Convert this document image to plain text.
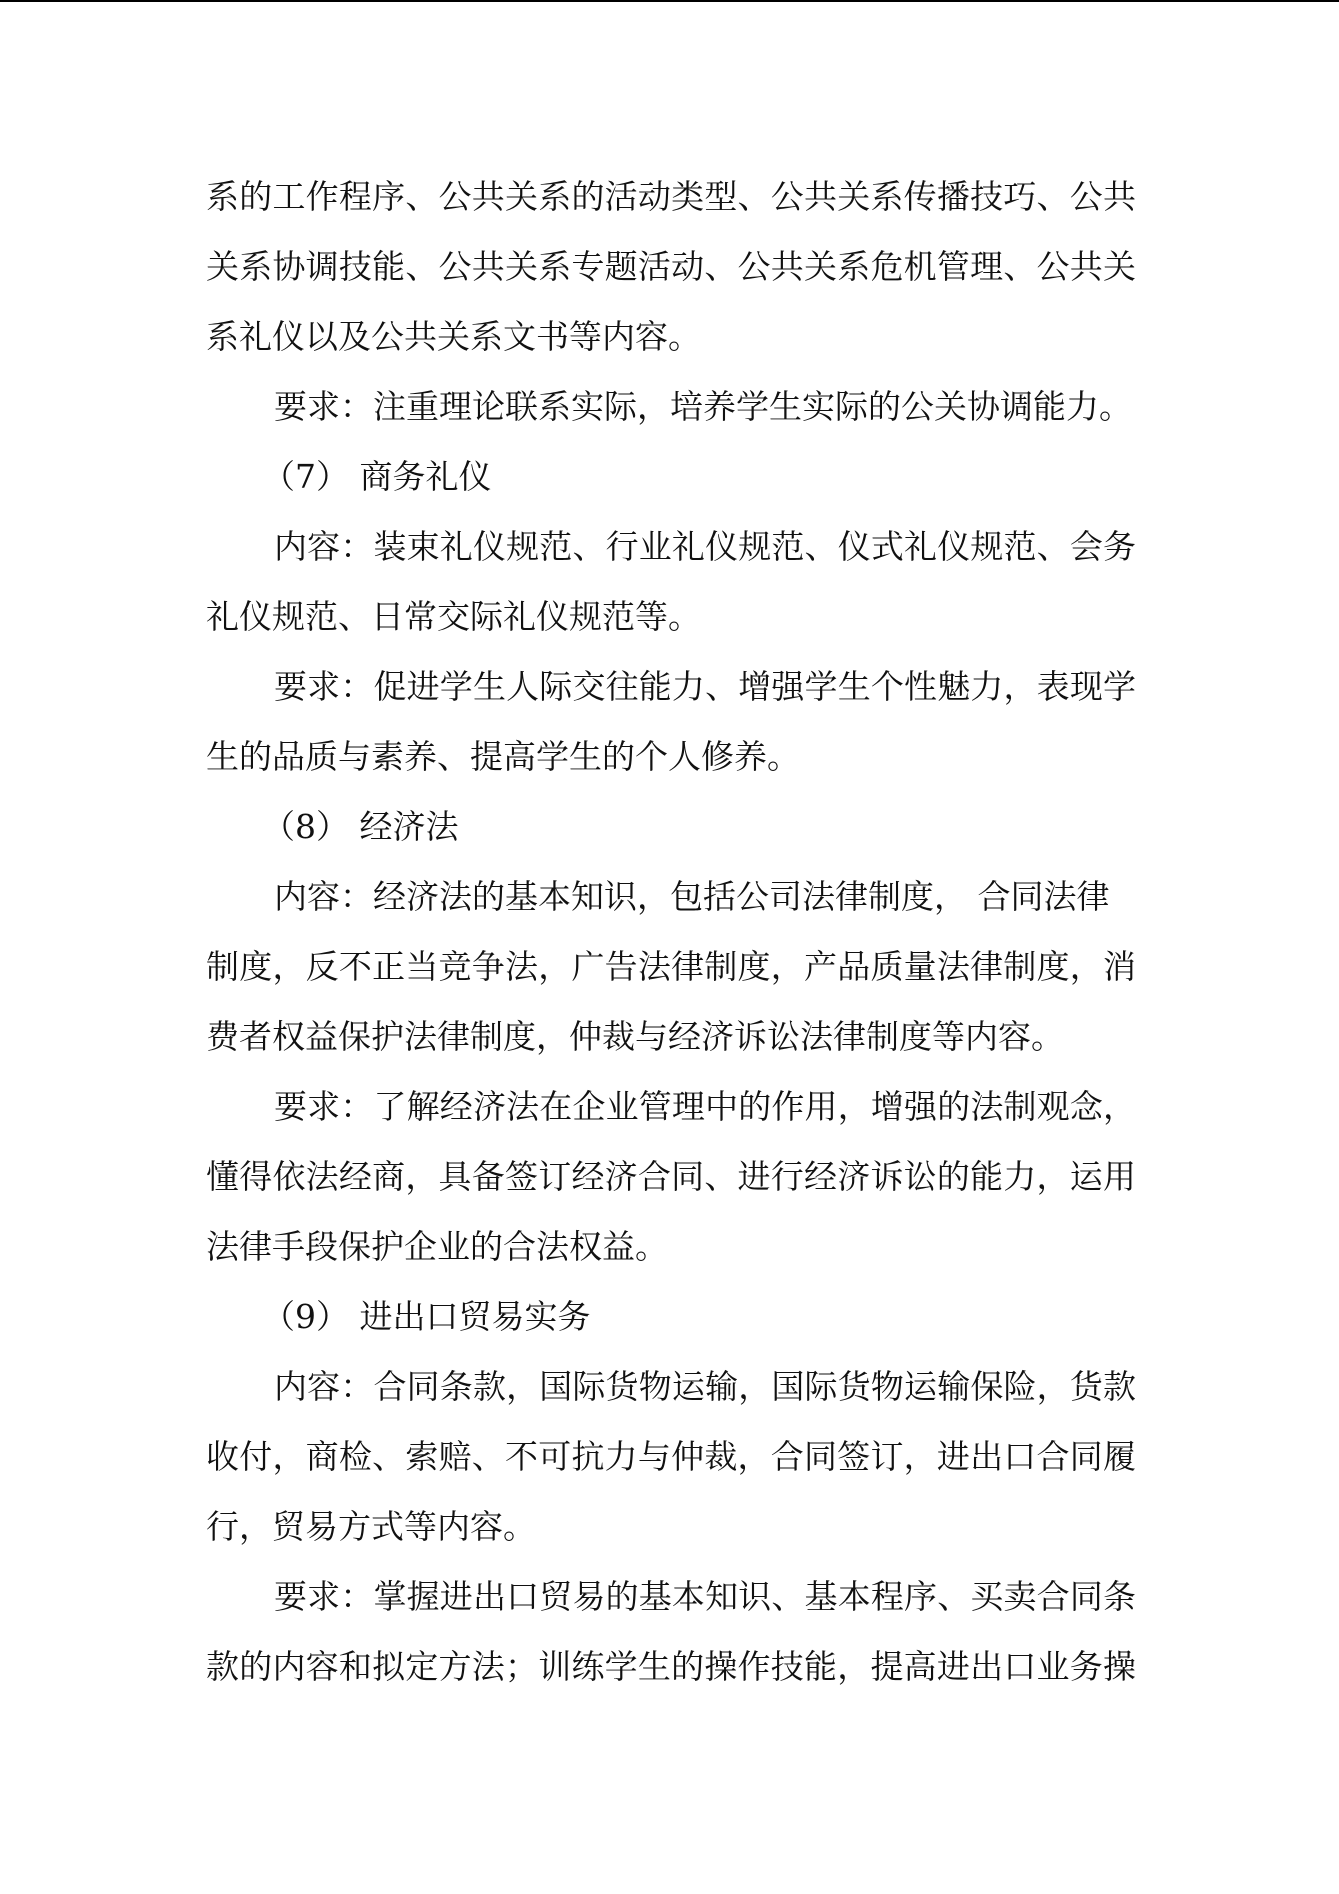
系的工作程序、公共关系的活动类型、公共关系传播技巧、公共
关系协调技能、公共关系专题活动、公共关系危机管理、公共关
系礼仪以及公共关系文书等内容。
要求：注重理论联系实际，培养学生实际的公关协调能力。
（7） 商务礼仪
内容：装束礼仪规范、行业礼仪规范、仪式礼仪规范、会务
礼仪规范、日常交际礼仪规范等。
要求：促进学生人际交往能力、增强学生个性魅力，表现学
生的品质与素养、提高学生的个人修养。
（8） 经济法
内容：经济法的基本知识，包括公司法律制度， 合同法律
制度，反不正当竞争法，广告法律制度，产品质量法律制度，消
费者权益保护法律制度，仲裁与经济诉讼法律制度等内容。
要求：了解经济法在企业管理中的作用，增强的法制观念，
懂得依法经商，具备签订经济合同、进行经济诉讼的能力，运用
法律手段保护企业的合法权益。
（9） 进出口贸易实务
内容：合同条款，国际货物运输，国际货物运输保险，货款
收付，商检、索赔、不可抗力与仲裁，合同签订，进出口合同履
行，贸易方式等内容。
要求：掌握进出口贸易的基本知识、基本程序、买卖合同条
款的内容和拟定方法；训练学生的操作技能，提高进出口业务操
